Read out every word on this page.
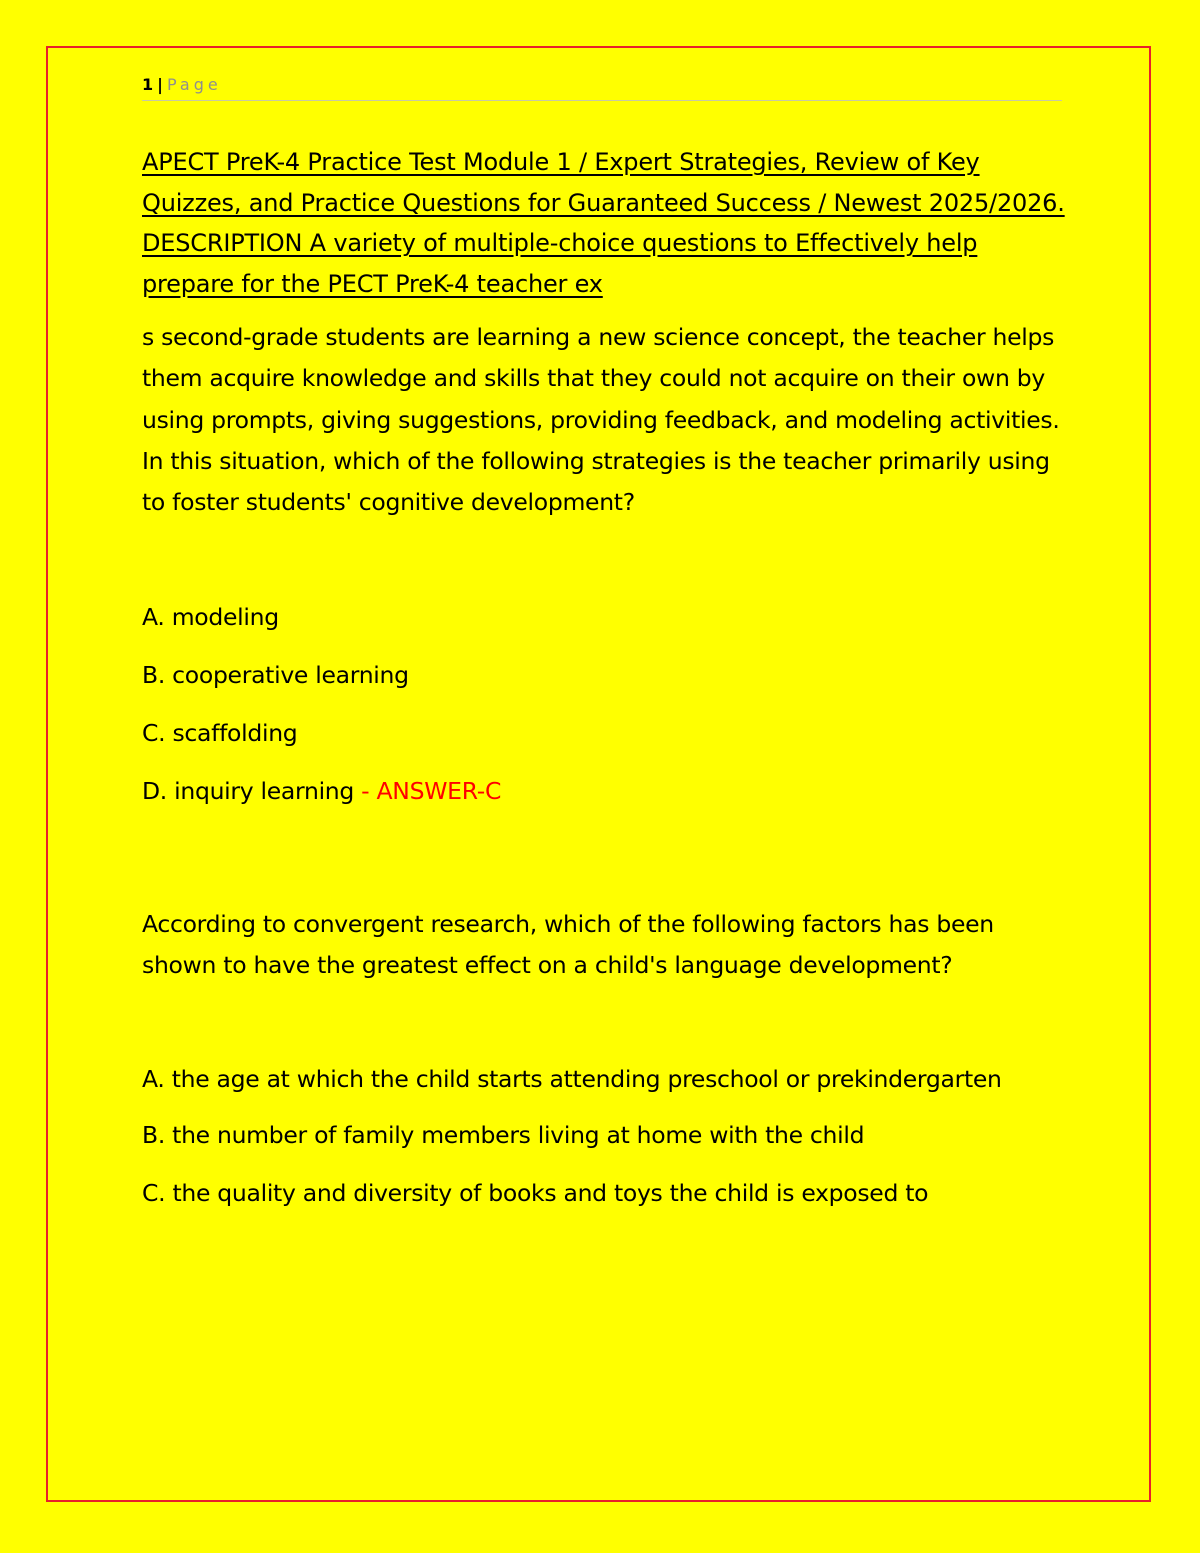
1 | Page
APECT PreK-4 Practice Test Module 1 / Expert Strategies, Review of Key Quizzes, and Practice Questions for Guaranteed Success / Newest 2025/2026. DESCRIPTION A variety of multiple-choice questions to Effectively help prepare for the PECT PreK-4 teacher ex

s second-grade students are learning a new science concept, the teacher helps them acquire knowledge and skills that they could not acquire on their own by using prompts, giving suggestions, providing feedback, and modeling activities. In this situation, which of the following strategies is the teacher primarily using to foster students' cognitive development?

A. modeling

B. cooperative learning

C. scaffolding

D. inquiry learning - ANSWER-C

According to convergent research, which of the following factors has been shown to have the greatest effect on a child's language development?

A. the age at which the child starts attending preschool or prekindergarten

B. the number of family members living at home with the child

C. the quality and diversity of books and toys the child is exposed to
